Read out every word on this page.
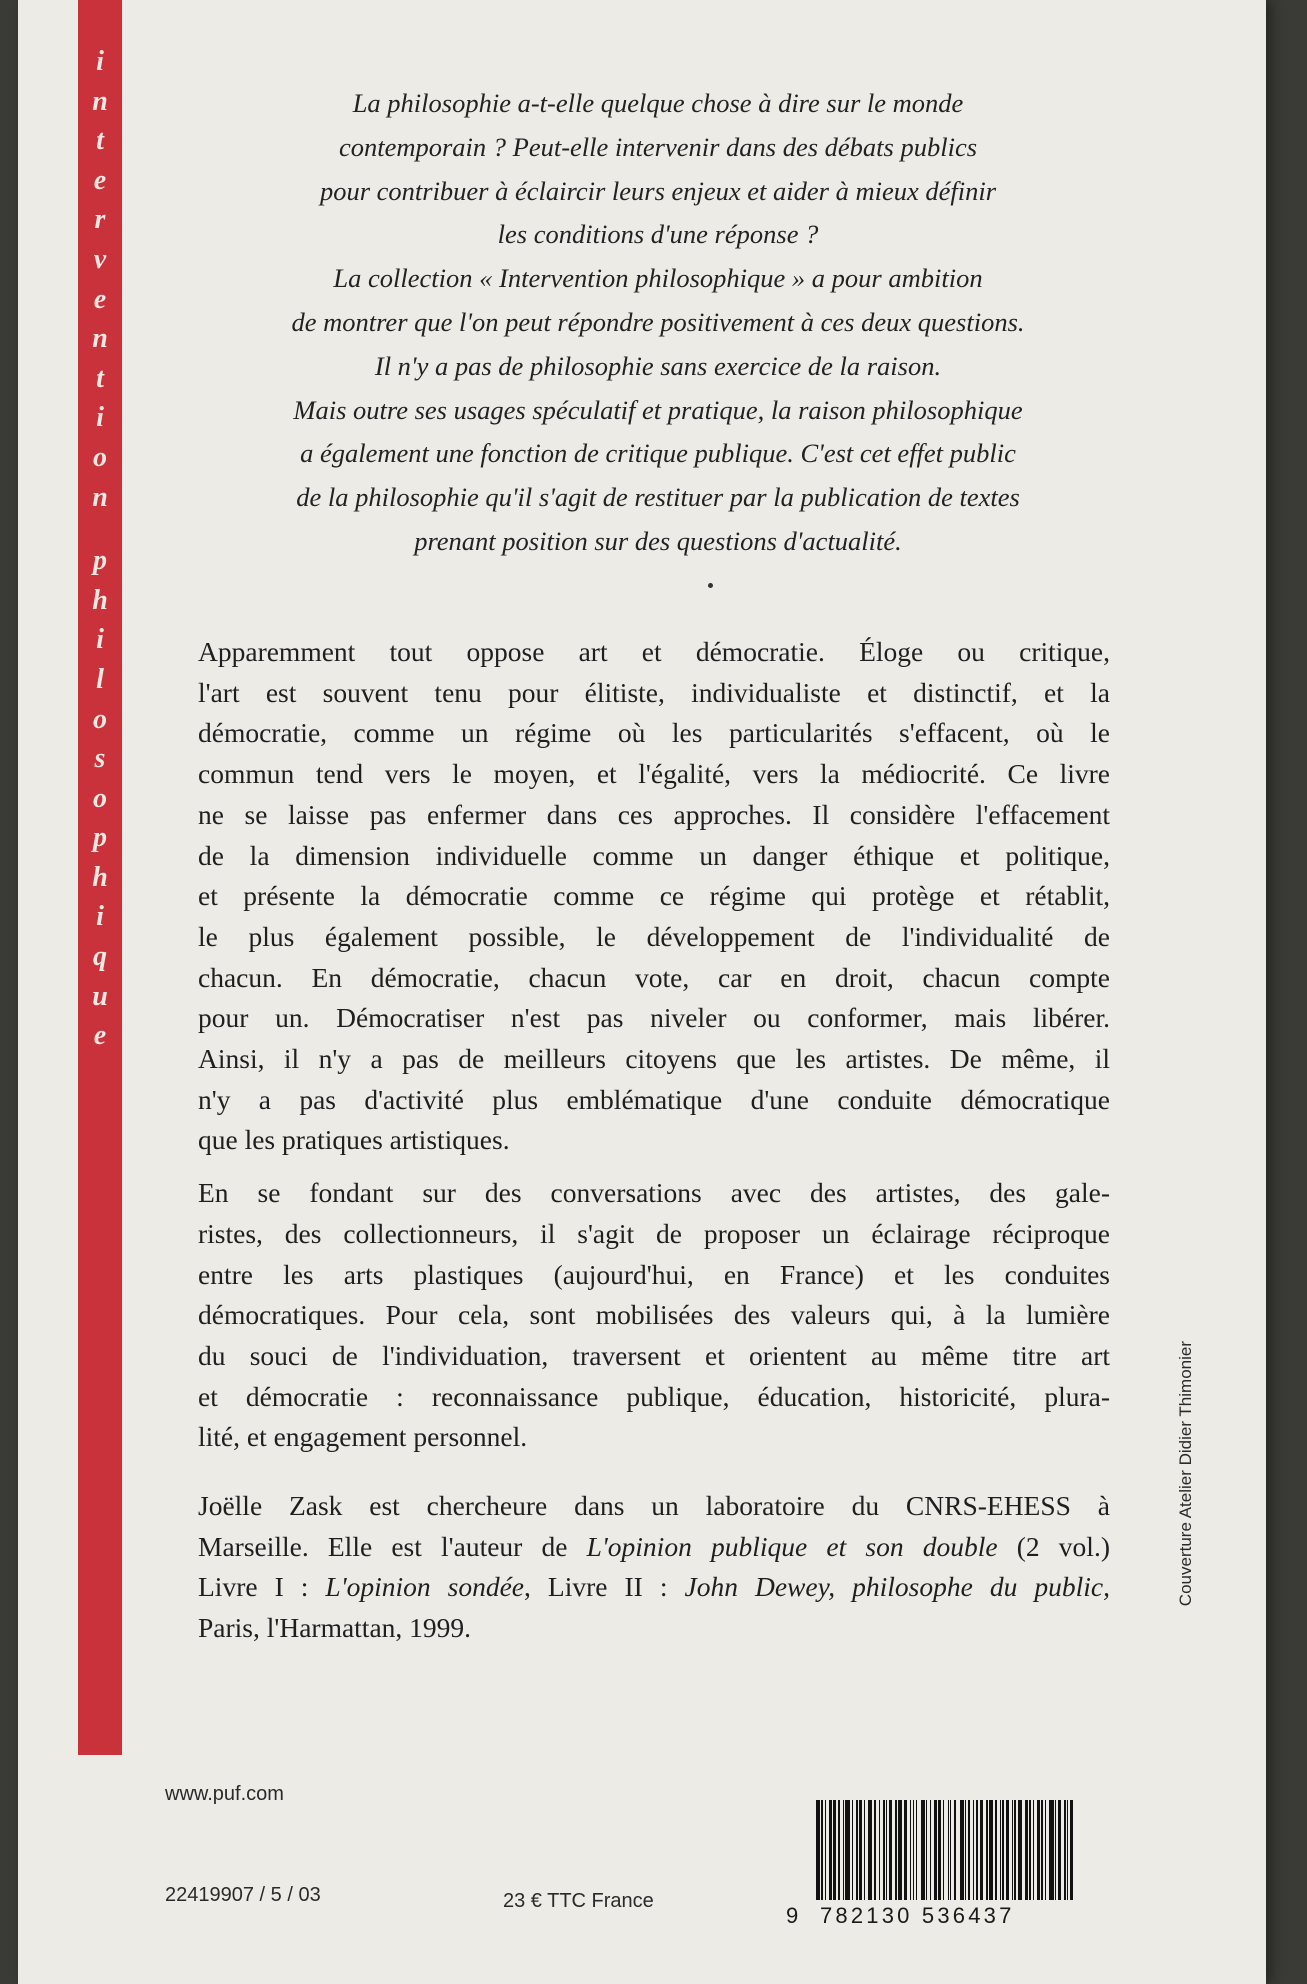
i
n
t
e
r
v
e
n
t
i
o
n
p
h
i
l
o
s
o
p
h
i
q
u
e
La philosophie a-t-elle quelque chose à dire sur le monde
contemporain ? Peut-elle intervenir dans des débats publics
pour contribuer à éclaircir leurs enjeux et aider à mieux définir
les conditions d'une réponse ?
La collection « Intervention philosophique » a pour ambition
de montrer que l'on peut répondre positivement à ces deux questions.
Il n'y a pas de philosophie sans exercice de la raison.
Mais outre ses usages spéculatif et pratique, la raison philosophique
a également une fonction de critique publique. C'est cet effet public
de la philosophie qu'il s'agit de restituer par la publication de textes
prenant position sur des questions d'actualité.
Apparemment tout oppose art et démocratie. Éloge ou critique,
l'art est souvent tenu pour élitiste, individualiste et distinctif, et la
démocratie, comme un régime où les particularités s'effacent, où le
commun tend vers le moyen, et l'égalité, vers la médiocrité. Ce livre
ne se laisse pas enfermer dans ces approches. Il considère l'effacement
de la dimension individuelle comme un danger éthique et politique,
et présente la démocratie comme ce régime qui protège et rétablit,
le plus également possible, le développement de l'individualité de
chacun. En démocratie, chacun vote, car en droit, chacun compte
pour un. Démocratiser n'est pas niveler ou conformer, mais libérer.
Ainsi, il n'y a pas de meilleurs citoyens que les artistes. De même, il
n'y a pas d'activité plus emblématique d'une conduite démocratique
que les pratiques artistiques.
En se fondant sur des conversations avec des artistes, des gale-
ristes, des collectionneurs, il s'agit de proposer un éclairage réciproque
entre les arts plastiques (aujourd'hui, en France) et les conduites
démocratiques. Pour cela, sont mobilisées des valeurs qui, à la lumière
du souci de l'individuation, traversent et orientent au même titre art
et démocratie : reconnaissance publique, éducation, historicité, plura-
lité, et engagement personnel.
Joëlle Zask est chercheure dans un laboratoire du CNRS-EHESS à
Marseille. Elle est l'auteur de L'opinion publique et son double (2 vol.)
Livre I : L'opinion sondée, Livre II : John Dewey, philosophe du public,
Paris, l'Harmattan, 1999.
www.puf.com
22419907 / 5 / 03	23 € TTC France
9 782130 536437
Couverture Atelier Didier Thimonier
